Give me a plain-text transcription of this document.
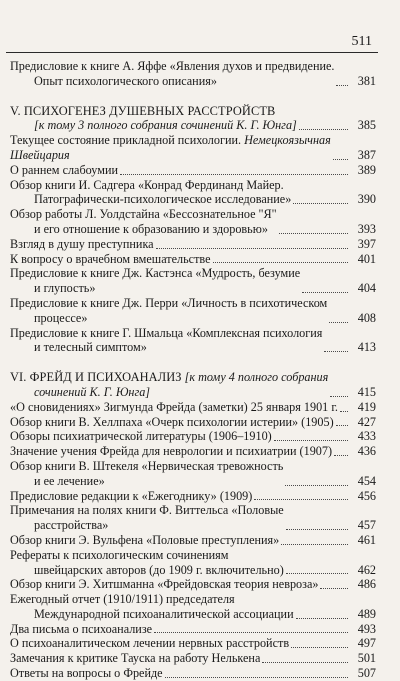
511
Предисловие к книге А. Яффе «Явления духов и предвидение.
Опыт психологического описания»	381
V. ПСИХОГЕНЕЗ ДУШЕВНЫХ РАССТРОЙСТВ
[к тому 3 полного собрания сочинений К. Г. Юнга]	385
Текущее состояние прикладной психологии. Немецкоязычная
Швейцария	387
О раннем слабоумии	389
Обзор книги И. Садгера «Конрад Фердинанд Майер.
Патографически-психологическое исследование»	390
Обзор работы Л. Уолдстайна «Бессознательное "Я"
и его отношение к образованию и здоровью»	393
Взгляд в душу преступника	397
К вопросу о врачебном вмешательстве	401
Предисловие к книге Дж. Кастэнса «Мудрость, безумие
и глупость»	404
Предисловие к книге Дж. Перри «Личность в психотическом
процессе»	408
Предисловие к книге Г. Шмальца «Комплексная психология
и телесный симптом»	413
VI. ФРЕЙД И ПСИХОАНАЛИЗ [к тому 4 полного собрания
сочинений К. Г. Юнга]	415
«О сновидениях» Зигмунда Фрейда (заметки) 25 января 1901 г.	419
Обзор книги В. Хеллпаха «Очерк психологии истерии» (1905)	427
Обзоры психиатрической литературы (1906–1910)	433
Значение учения Фрейда для неврологии и психиатрии (1907)	436
Обзор книги В. Штекеля «Нервическая тревожность
и ее лечение»	454
Предисловие редакции к «Ежегоднику» (1909)	456
Примечания на полях книги Ф. Виттельса «Половые
расстройства»	457
Обзор книги Э. Вульфена «Половые преступления»	461
Рефераты к психологическим сочинениям
швейцарских авторов (до 1909 г. включительно)	462
Обзор книги Э. Хитшманна «Фрейдовская теория невроза»	486
Ежегодный отчет (1910/1911) председателя
Международной психоаналитической ассоциации	489
Два письма о психоанализе	493
О психоаналитическом лечении нервных расстройств	497
Замечания к критике Тауска на работу Нелькена	501
Ответы на вопросы о Фрейде	507
